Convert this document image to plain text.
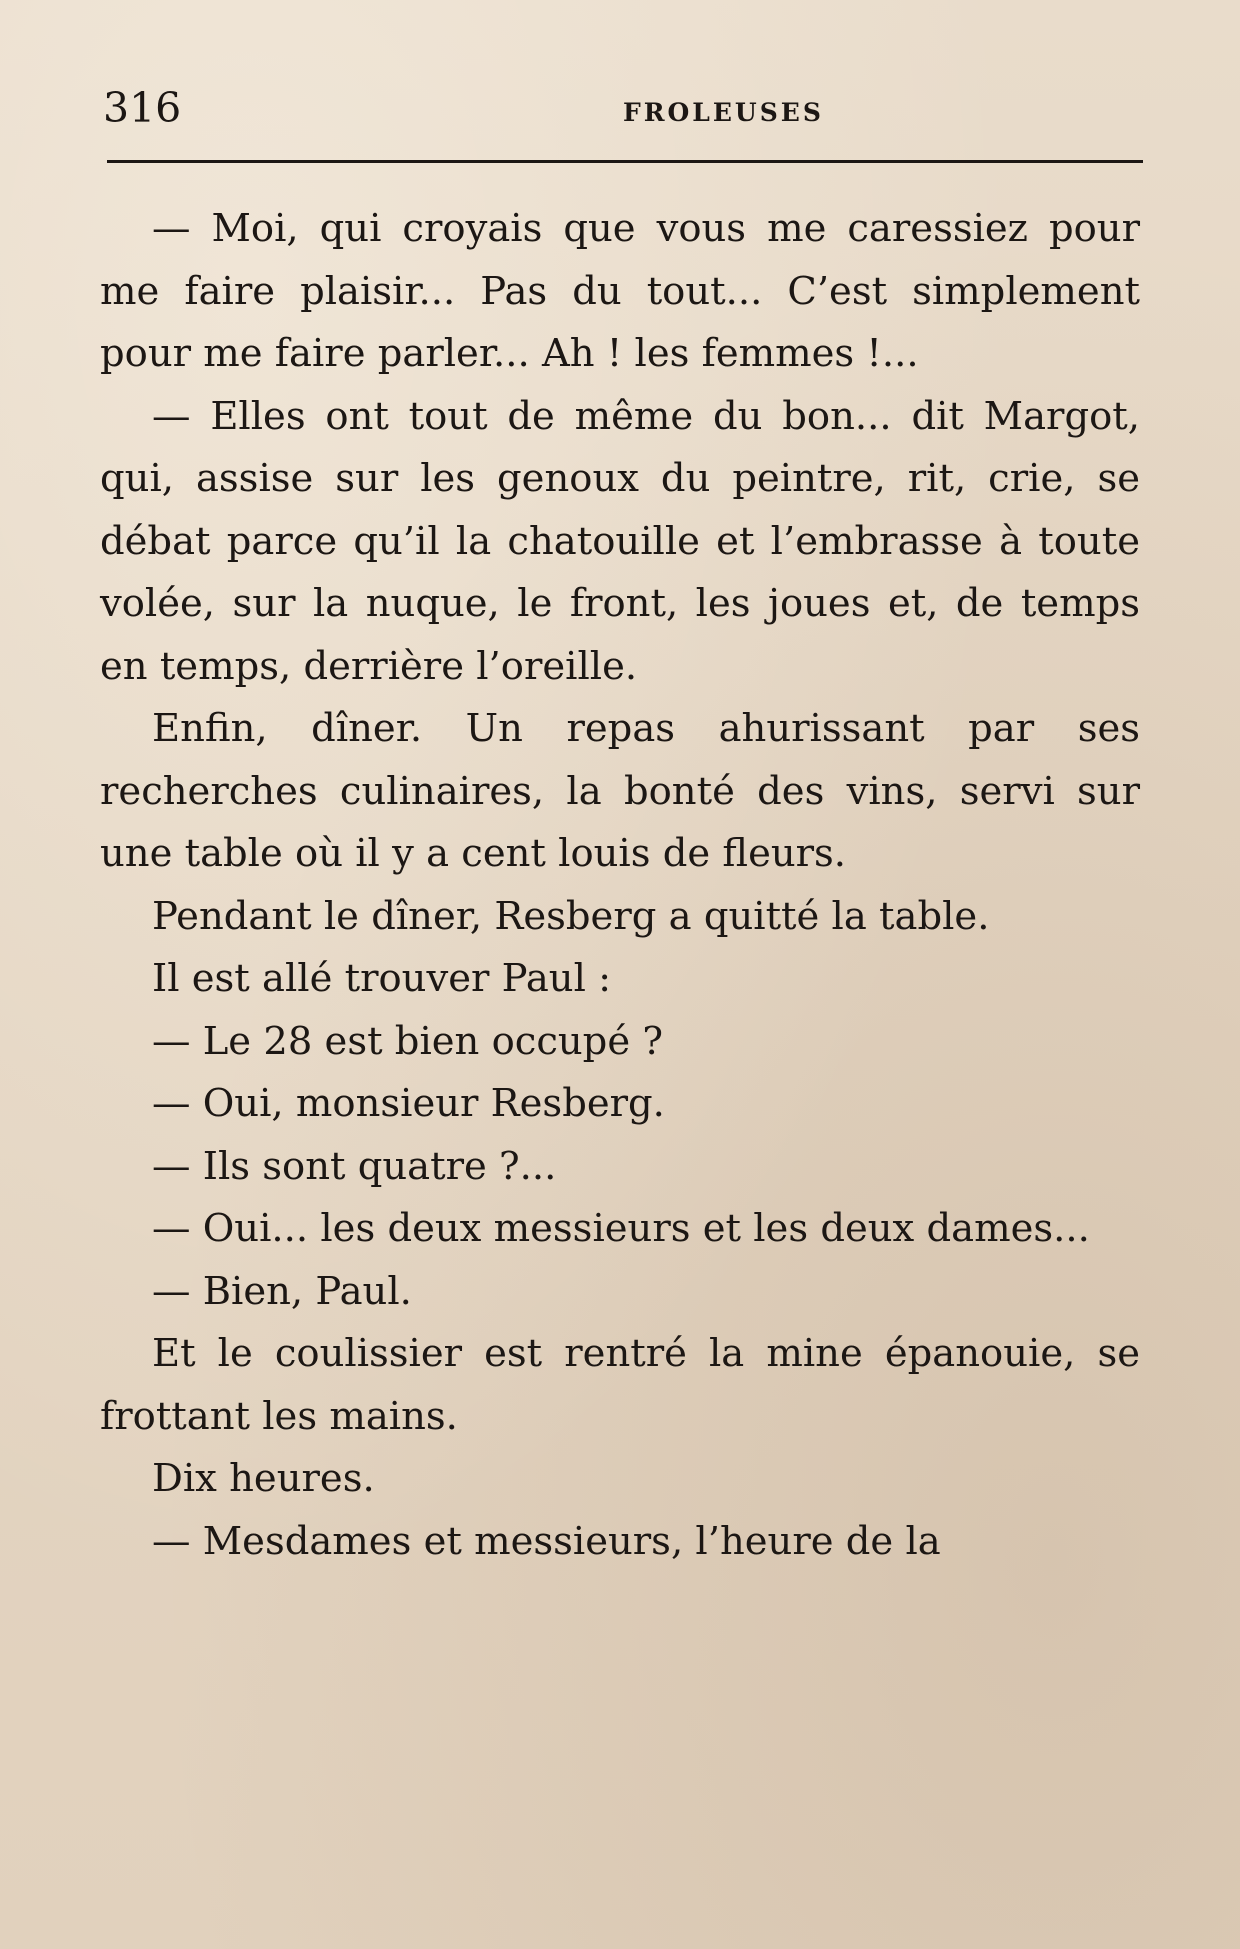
316	FROLEUSES

— Moi, qui croyais que vous me caressiez pour me faire plaisir... Pas du tout... C’est simplement pour me faire parler... Ah ! les femmes !...

— Elles ont tout de même du bon... dit Margot, qui, assise sur les genoux du peintre, rit, crie, se débat parce qu’il la chatouille et l’embrasse à toute volée, sur la nuque, le front, les joues et, de temps en temps, derrière l’oreille.

Enfin, dîner. Un repas ahurissant par ses recherches culinaires, la bonté des vins, servi sur une table où il y a cent louis de fleurs.

Pendant le dîner, Resberg a quitté la table.

Il est allé trouver Paul :

— Le 28 est bien occupé ?

— Oui, monsieur Resberg.

— Ils sont quatre ?...

— Oui... les deux messieurs et les deux dames...

— Bien, Paul.

Et le coulissier est rentré la mine épanouie, se frottant les mains.

Dix heures.

— Mesdames et messieurs, l’heure de la
